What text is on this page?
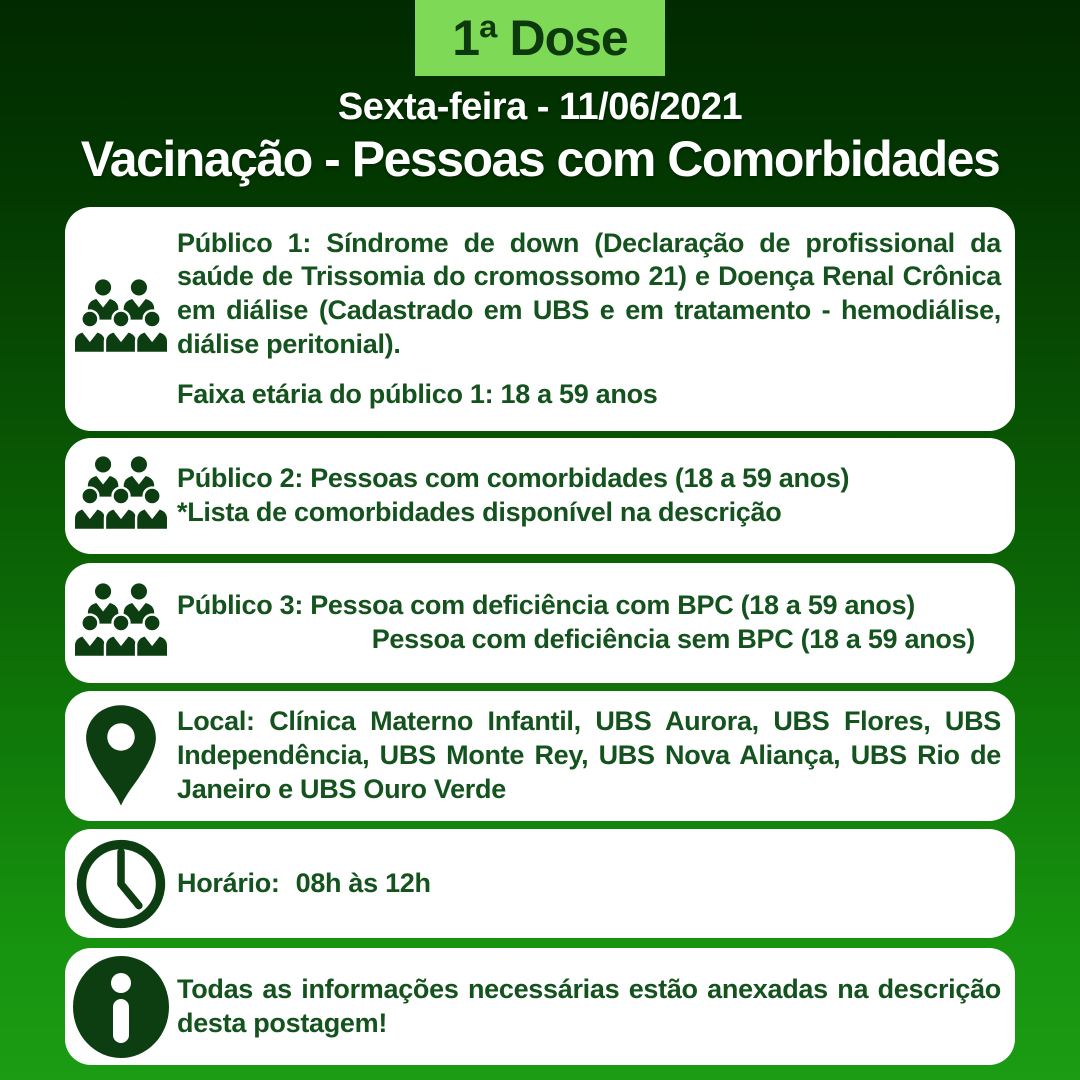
1ª Dose
Sexta-feira - 11/06/2021
Vacinação - Pessoas com Comorbidades

Público 1: Síndrome de down (Declaração de profissional da saúde de Trissomia do cromossomo 21) e Doença Renal Crônica em diálise (Cadastrado em UBS e em tratamento - hemodiálise, diálise peritonial).

Faixa etária do público 1: 18 a 59 anos

Público 2: Pessoas com comorbidades (18 a 59 anos)

*Lista de comorbidades disponível na descrição

Público 3: Pessoa com deficiência com BPC (18 a 59 anos)

Pessoa com deficiência sem BPC (18 a 59 anos)

Local: Clínica Materno Infantil, UBS Aurora, UBS Flores, UBS Independência, UBS Monte Rey, UBS Nova Aliança, UBS Rio de Janeiro e UBS Ouro Verde

Horário: 08h às 12h

Todas as informações necessárias estão anexadas na descrição desta postagem!
